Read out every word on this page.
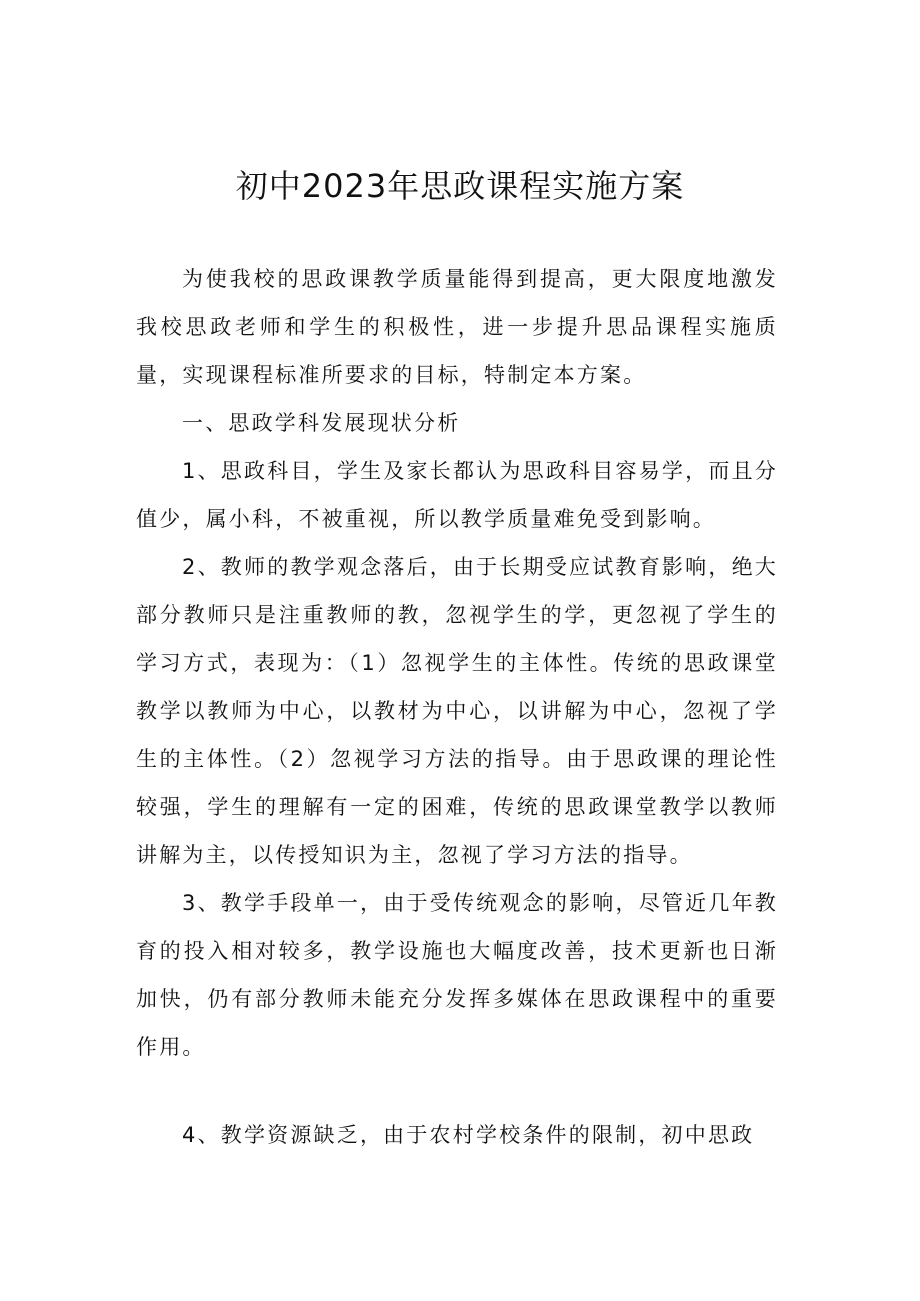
初中2023年思政课程实施方案

为使我校的思政课教学质量能得到提高，更大限度地激发我校思政老师和学生的积极性，进一步提升思品课程实施质量，实现课程标准所要求的目标，特制定本方案。

一、思政学科发展现状分析

1、思政科目，学生及家长都认为思政科目容易学，而且分值少，属小科，不被重视，所以教学质量难免受到影响。

2、教师的教学观念落后，由于长期受应试教育影响，绝大部分教师只是注重教师的教，忽视学生的学，更忽视了学生的学习方式，表现为：（1）忽视学生的主体性。传统的思政课堂教学以教师为中心，以教材为中心，以讲解为中心，忽视了学生的主体性。（2）忽视学习方法的指导。由于思政课的理论性较强，学生的理解有一定的困难，传统的思政课堂教学以教师讲解为主，以传授知识为主，忽视了学习方法的指导。

3、教学手段单一，由于受传统观念的影响，尽管近几年教育的投入相对较多，教学设施也大幅度改善，技术更新也日渐加快，仍有部分教师未能充分发挥多媒体在思政课程中的重要作用。

4、教学资源缺乏，由于农村学校条件的限制，初中思政
